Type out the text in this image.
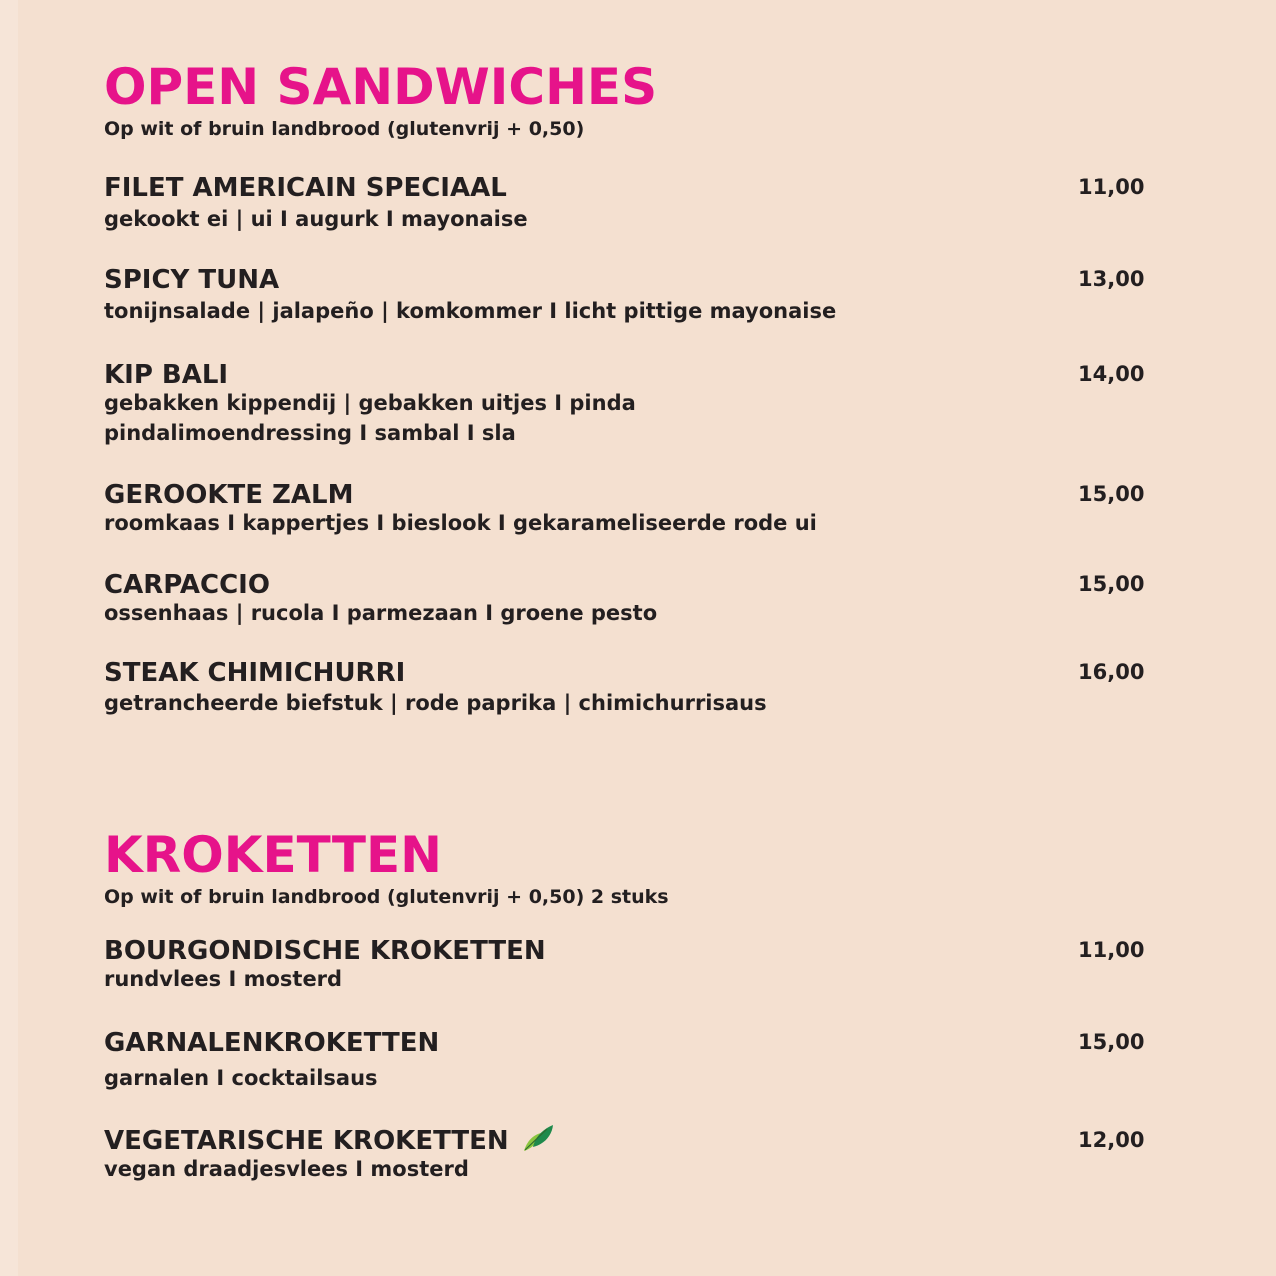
OPEN SANDWICHES
Op wit of bruin landbrood (glutenvrij + 0,50)
FILET AMERICAIN SPECIAAL
gekookt ei | ui I augurk I mayonaise
11,00
SPICY TUNA
tonijnsalade | jalapeño | komkommer I licht pittige mayonaise
13,00
KIP BALI
gebakken kippendij | gebakken uitjes I pinda
pindalimoendressing I sambal I sla
14,00
GEROOKTE ZALM
roomkaas I kappertjes I bieslook I gekarameliseerde rode ui
15,00
CARPACCIO
ossenhaas | rucola I parmezaan I groene pesto
15,00
STEAK CHIMICHURRI
getrancheerde biefstuk | rode paprika | chimichurrisaus
16,00
KROKETTEN
Op wit of bruin landbrood (glutenvrij + 0,50) 2 stuks
BOURGONDISCHE KROKETTEN
rundvlees I mosterd
11,00
GARNALENKROKETTEN
garnalen I cocktailsaus
15,00
VEGETARISCHE KROKETTEN
vegan draadjesvlees I mosterd
12,00
